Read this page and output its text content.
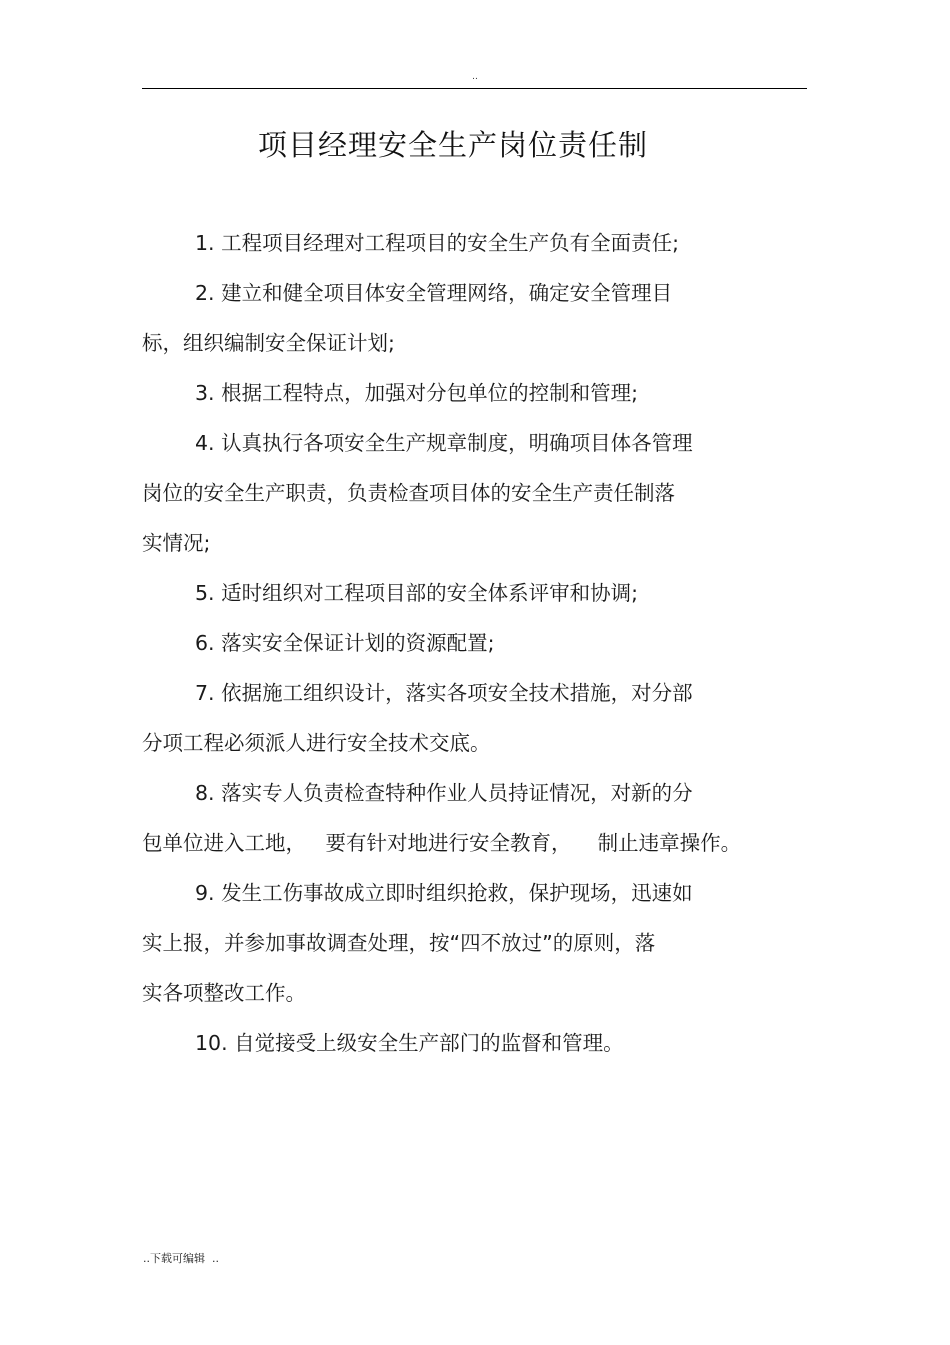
..
项目经理安全生产岗位责任制

1. 工程项目经理对工程项目的安全生产负有全面责任;

2. 建立和健全项目体安全管理网络，确定安全管理目
标，组织编制安全保证计划;

3. 根据工程特点，加强对分包单位的控制和管理;

4. 认真执行各项安全生产规章制度，明确项目体各管理
岗位的安全生产职责，负责检查项目体的安全生产责任制落
实情况;

5. 适时组织对工程项目部的安全体系评审和协调;

6. 落实安全保证计划的资源配置;

7. 依据施工组织设计，落实各项安全技术措施，对分部
分项工程必须派人进行安全技术交底。

8. 落实专人负责检查特种作业人员持证情况，对新的分
包单位进入工地，   要有针对地进行安全教育，    制止违章操作。

9. 发生工伤事故成立即时组织抢救，保护现场，迅速如
实上报，并参加事故调查处理，按“四不放过”的原则，落
实各项整改工作。

10. 自觉接受上级安全生产部门的监督和管理。

..下载可编辑  ..
